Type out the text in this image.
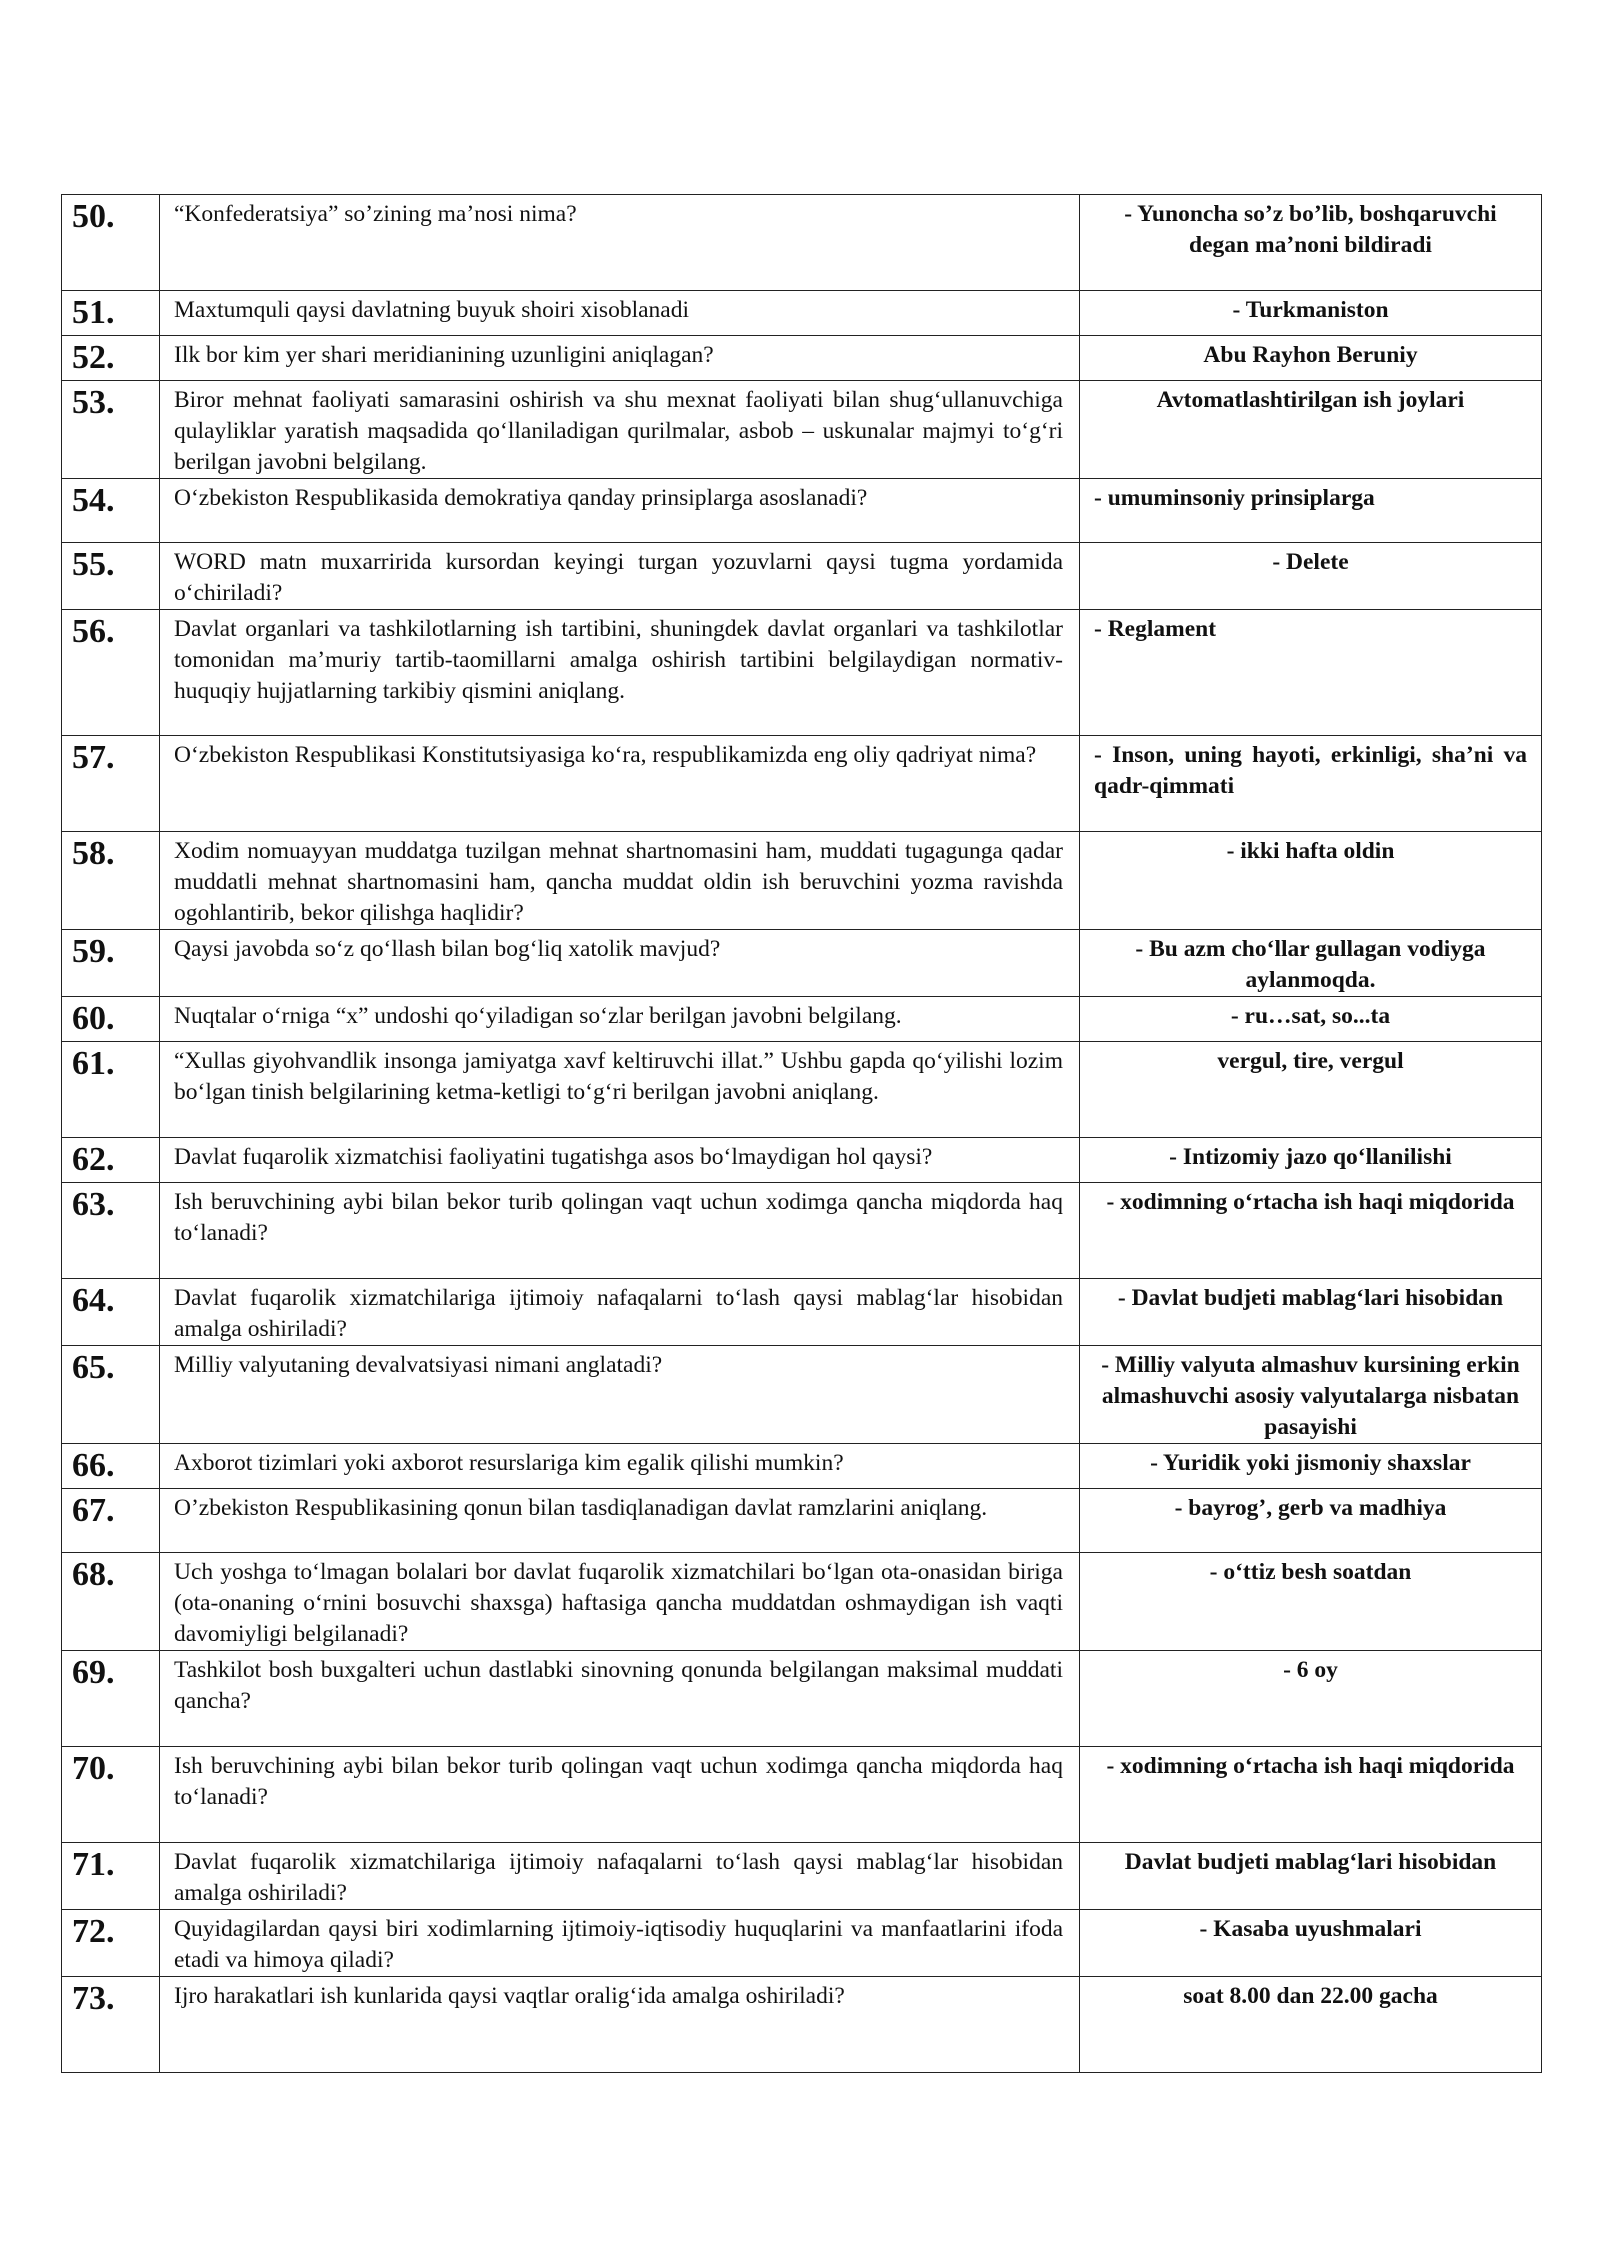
50.	“Konfederatsiya” so’zining ma’nosi nima?	- Yunoncha so’z bo’lib, boshqaruvchi degan ma’noni bildiradi
51.	Maxtumquli qaysi davlatning buyuk shoiri xisoblanadi	- Turkmaniston
52.	Ilk bor kim yer shari meridianining uzunligini aniqlagan?	Abu Rayhon Beruniy
53.	Biror mehnat faoliyati samarasini oshirish va shu mexnat faoliyati bilan shug‘ullanuvchiga qulayliklar yaratish maqsadida qo‘llaniladigan qurilmalar, asbob – uskunalar majmyi to‘g‘ri berilgan javobni belgilang.	Avtomatlashtirilgan ish joylari
54.	O‘zbekiston Respublikasida demokratiya qanday prinsiplarga asoslanadi?	- umuminsoniy prinsiplarga
55.	WORD matn muxarririda kursordan keyingi turgan yozuvlarni qaysi tugma yordamida o‘chiriladi?	- Delete
56.	Davlat organlari va tashkilotlarning ish tartibini, shuningdek davlat organlari va tashkilotlar tomonidan ma’muriy tartib-taomillarni amalga oshirish tartibini belgilaydigan normativ-huquqiy hujjatlarning tarkibiy qismini aniqlang.	- Reglament
57.	O‘zbekiston Respublikasi Konstitutsiyasiga ko‘ra, respublikamizda eng oliy qadriyat nima?	- Inson, uning hayoti, erkinligi, sha’ni va qadr-qimmati
58.	Xodim nomuayyan muddatga tuzilgan mehnat shartnomasini ham, muddati tugagunga qadar muddatli mehnat shartnomasini ham, qancha muddat oldin ish beruvchini yozma ravishda ogohlantirib, bekor qilishga haqlidir?	- ikki hafta oldin
59.	Qaysi javobda so‘z qo‘llash bilan bog‘liq xatolik mavjud?	- Bu azm cho‘llar gullagan vodiyga aylanmoqda.
60.	Nuqtalar o‘rniga “x” undoshi qo‘yiladigan so‘zlar berilgan javobni belgilang.	- ru…sat, so...ta
61.	“Xullas giyohvandlik insonga jamiyatga xavf keltiruvchi illat.” Ushbu gapda qo‘yilishi lozim bo‘lgan tinish belgilarining ketma-ketligi to‘g‘ri berilgan javobni aniqlang.	vergul, tire, vergul
62.	Davlat fuqarolik xizmatchisi faoliyatini tugatishga asos bo‘lmaydigan hol qaysi?	- Intizomiy jazo qo‘llanilishi
63.	Ish beruvchining aybi bilan bekor turib qolingan vaqt uchun xodimga qancha miqdorda haq to‘lanadi?	- xodimning o‘rtacha ish haqi miqdorida
64.	Davlat fuqarolik xizmatchilariga ijtimoiy nafaqalarni to‘lash qaysi mablag‘lar hisobidan amalga oshiriladi?	- Davlat budjeti mablag‘lari hisobidan
65.	Milliy valyutaning devalvatsiyasi nimani anglatadi?	- Milliy valyuta almashuv kursining erkin almashuvchi asosiy valyutalarga nisbatan pasayishi
66.	Axborot tizimlari yoki axborot resurslariga kim egalik qilishi mumkin?	- Yuridik yoki jismoniy shaxslar
67.	O’zbekiston Respublikasining qonun bilan tasdiqlanadigan davlat ramzlarini aniqlang.	- bayrog’, gerb va madhiya
68.	Uch yoshga to‘lmagan bolalari bor davlat fuqarolik xizmatchilari bo‘lgan ota-onasidan biriga (ota-onaning o‘rnini bosuvchi shaxsga) haftasiga qancha muddatdan oshmaydigan ish vaqti davomiyligi belgilanadi?	- o‘ttiz besh soatdan
69.	Tashkilot bosh buxgalteri uchun dastlabki sinovning qonunda belgilangan maksimal muddati qancha?	- 6 oy
70.	Ish beruvchining aybi bilan bekor turib qolingan vaqt uchun xodimga qancha miqdorda haq to‘lanadi?	- xodimning o‘rtacha ish haqi miqdorida
71.	Davlat fuqarolik xizmatchilariga ijtimoiy nafaqalarni to‘lash qaysi mablag‘lar hisobidan amalga oshiriladi?	Davlat budjeti mablag‘lari hisobidan
72.	Quyidagilardan qaysi biri xodimlarning ijtimoiy-iqtisodiy huquqlarini va manfaatlarini ifoda etadi va himoya qiladi?	- Kasaba uyushmalari
73.	Ijro harakatlari ish kunlarida qaysi vaqtlar oralig‘ida amalga oshiriladi?	soat 8.00 dan 22.00 gacha
